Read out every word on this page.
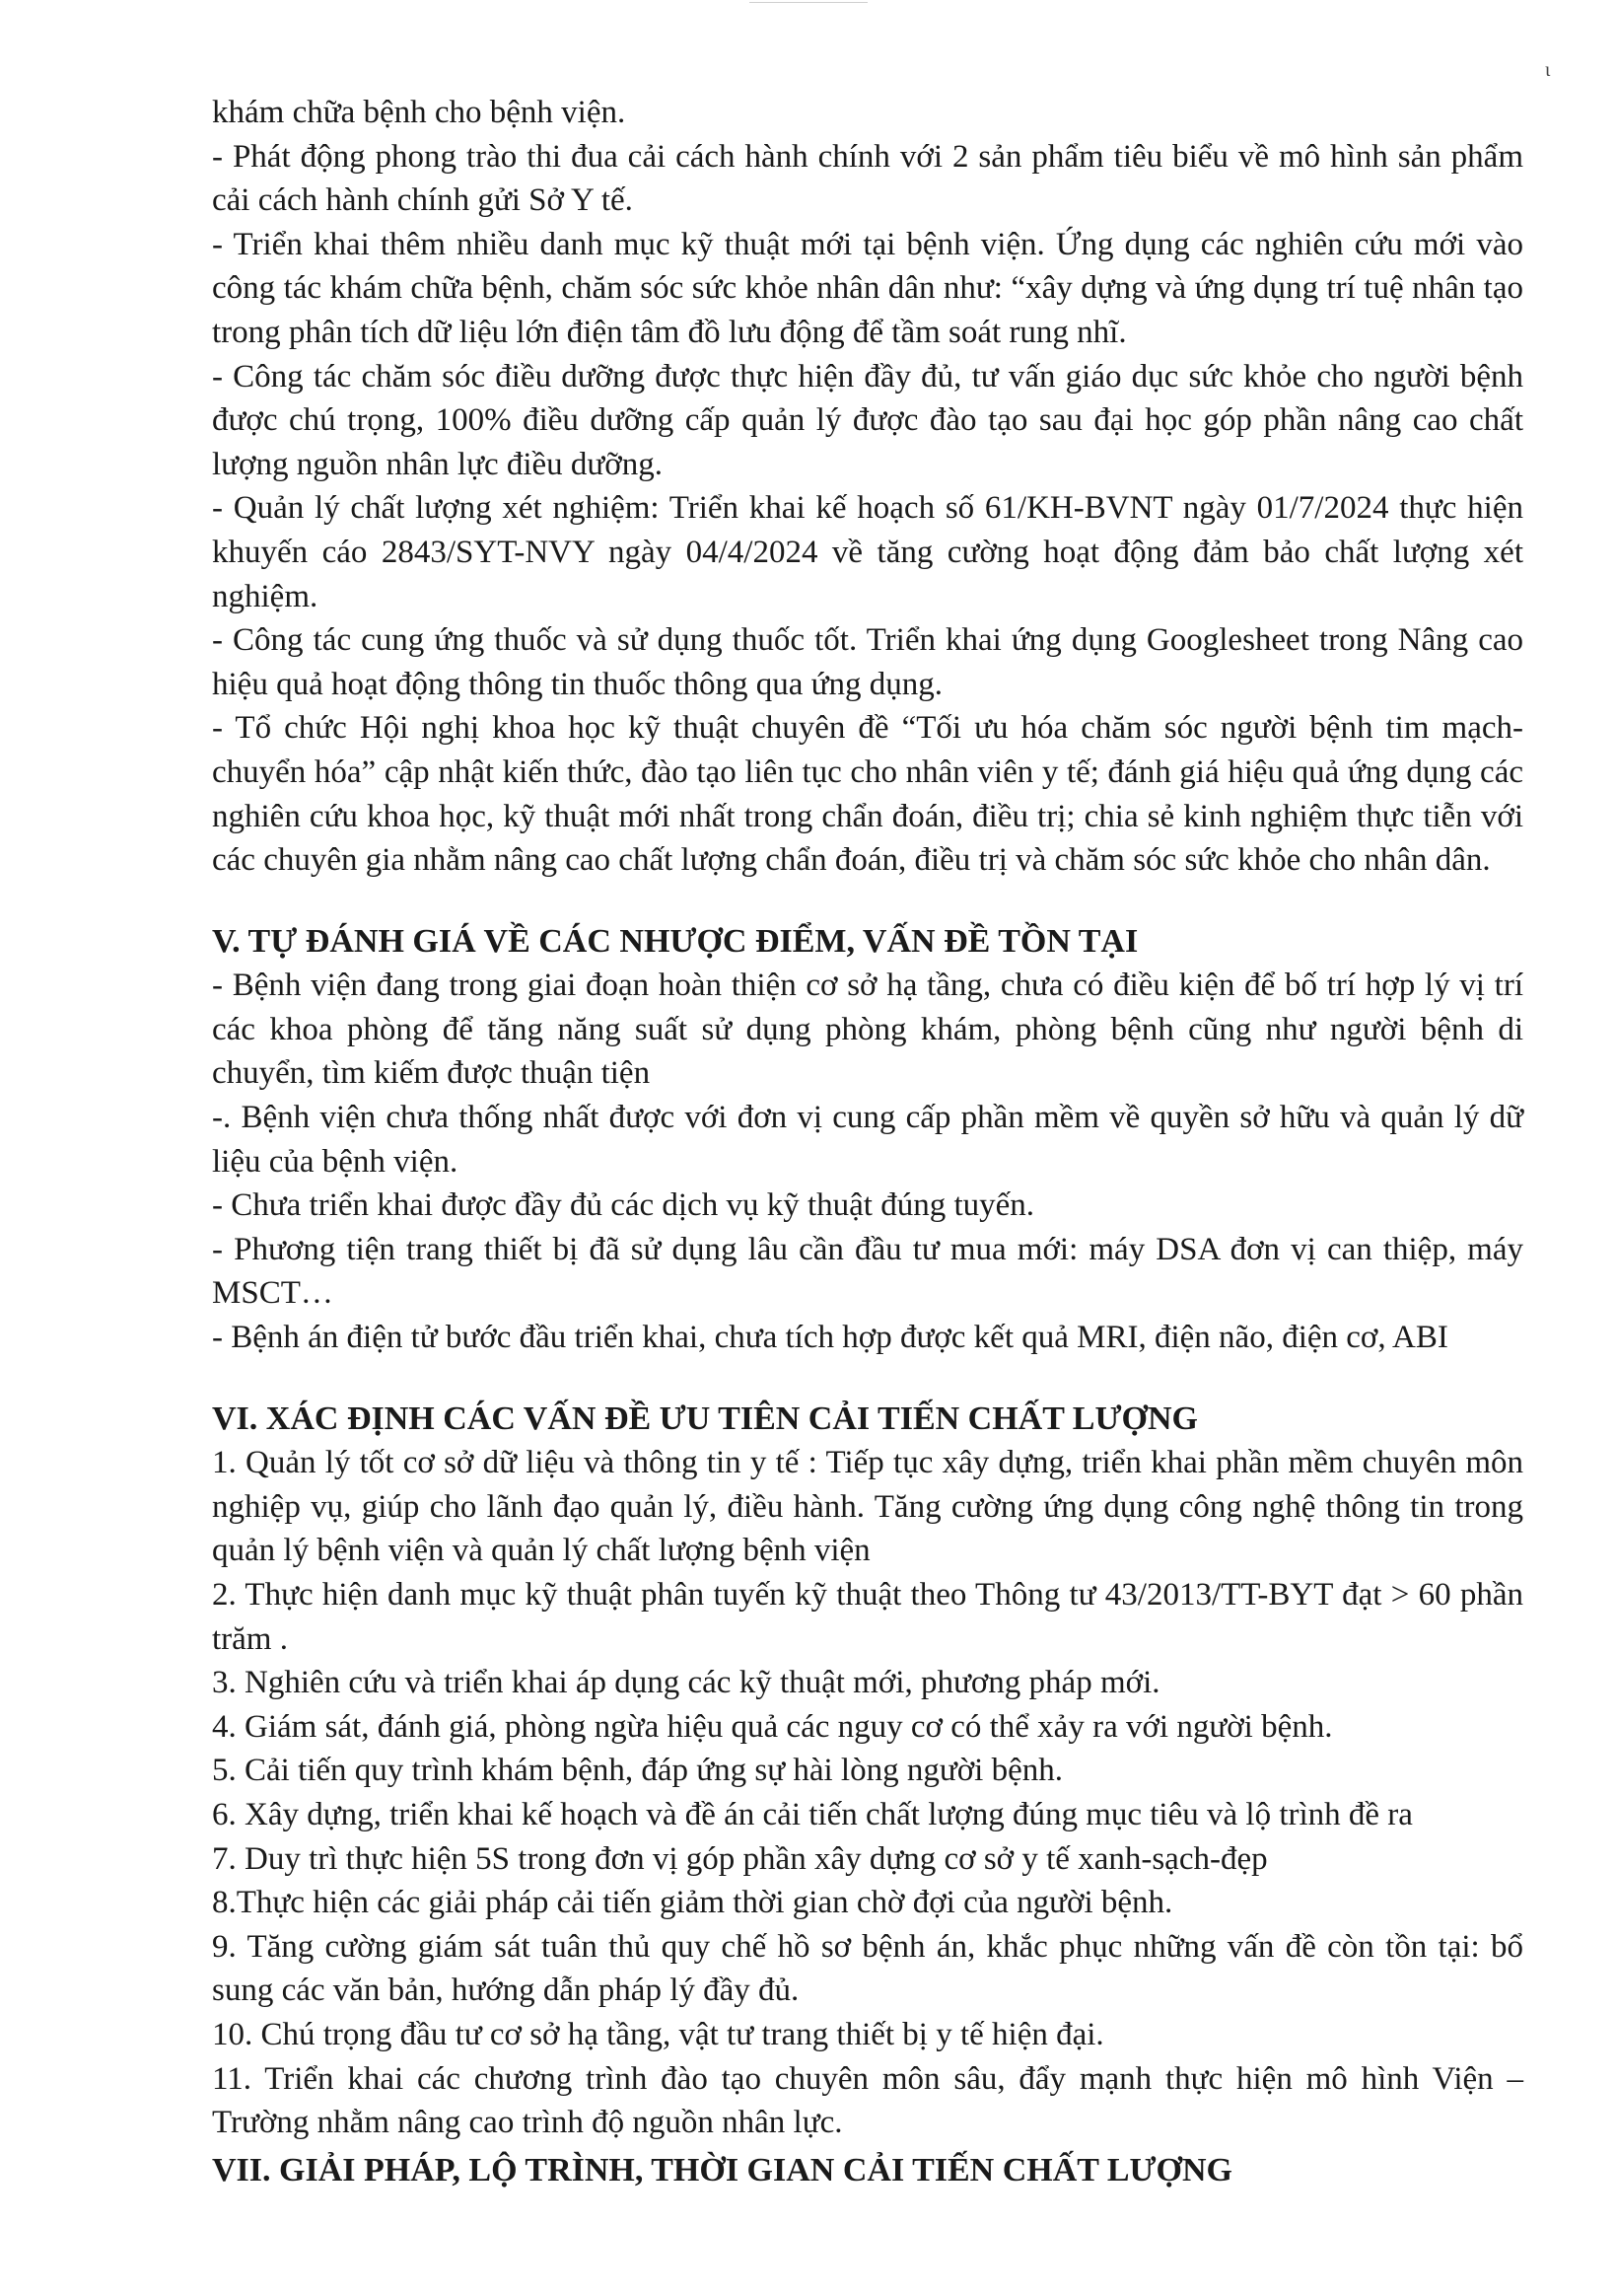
ɩ

khám chữa bệnh cho bệnh viện.

- Phát động phong trào thi đua cải cách hành chính với 2 sản phẩm tiêu biểu về mô hình sản phẩm cải cách hành chính gửi Sở Y tế.

- Triển khai thêm nhiều danh mục kỹ thuật mới tại bệnh viện. Ứng dụng các nghiên cứu mới vào công tác khám chữa bệnh, chăm sóc sức khỏe nhân dân như: “xây dựng và ứng dụng trí tuệ nhân tạo trong phân tích dữ liệu lớn điện tâm đồ lưu động để tầm soát rung nhĩ.

- Công tác chăm sóc điều dưỡng được thực hiện đầy đủ, tư vấn giáo dục sức khỏe cho người bệnh được chú trọng, 100% điều dưỡng cấp quản lý được đào tạo sau đại học góp phần nâng cao chất lượng nguồn nhân lực điều dưỡng.

- Quản lý chất lượng xét nghiệm: Triển khai kế hoạch số 61/KH-BVNT ngày 01/7/2024 thực hiện khuyến cáo 2843/SYT-NVY ngày 04/4/2024 về tăng cường hoạt động đảm bảo chất lượng xét nghiệm.

- Công tác cung ứng thuốc và sử dụng thuốc tốt. Triển khai ứng dụng Googlesheet trong Nâng cao hiệu quả hoạt động thông tin thuốc thông qua ứng dụng.

- Tổ chức Hội nghị khoa học kỹ thuật chuyên đề “Tối ưu hóa chăm sóc người bệnh tim mạch-chuyển hóa” cập nhật kiến thức, đào tạo liên tục cho nhân viên y tế; đánh giá hiệu quả ứng dụng các nghiên cứu khoa học, kỹ thuật mới nhất trong chẩn đoán, điều trị; chia sẻ kinh nghiệm thực tiễn với các chuyên gia nhằm nâng cao chất lượng chẩn đoán, điều trị và chăm sóc sức khỏe cho nhân dân.

V. TỰ ĐÁNH GIÁ VỀ CÁC NHƯỢC ĐIỂM, VẤN ĐỀ TỒN TẠI

- Bệnh viện đang trong giai đoạn hoàn thiện cơ sở hạ tầng, chưa có điều kiện để bố trí hợp lý vị trí các khoa phòng để tăng năng suất sử dụng phòng khám, phòng bệnh cũng như người bệnh di chuyển, tìm kiếm được thuận tiện

-. Bệnh viện chưa thống nhất được với đơn vị cung cấp phần mềm về quyền sở hữu và quản lý dữ liệu của bệnh viện.

- Chưa triển khai được đầy đủ các dịch vụ kỹ thuật đúng tuyến.

- Phương tiện trang thiết bị đã sử dụng lâu cần đầu tư mua mới: máy DSA đơn vị can thiệp, máy MSCT…

- Bệnh án điện tử bước đầu triển khai, chưa tích hợp được kết quả MRI, điện não, điện cơ, ABI

VI. XÁC ĐỊNH CÁC VẤN ĐỀ ƯU TIÊN CẢI TIẾN CHẤT LƯỢNG

1. Quản lý tốt cơ sở dữ liệu và thông tin y tế : Tiếp tục xây dựng, triển khai phần mềm chuyên môn nghiệp vụ, giúp cho lãnh đạo quản lý, điều hành. Tăng cường ứng dụng công nghệ thông tin trong quản lý bệnh viện và quản lý chất lượng bệnh viện

2. Thực hiện danh mục kỹ thuật phân tuyến kỹ thuật theo Thông tư 43/2013/TT-BYT đạt > 60 phần trăm .

3. Nghiên cứu và triển khai áp dụng các kỹ thuật mới, phương pháp mới.

4. Giám sát, đánh giá, phòng ngừa hiệu quả các nguy cơ có thể xảy ra với người bệnh.

5. Cải tiến quy trình khám bệnh, đáp ứng sự hài lòng người bệnh.

6. Xây dựng, triển khai kế hoạch và đề án cải tiến chất lượng đúng mục tiêu và lộ trình đề ra

7. Duy trì thực hiện 5S trong đơn vị góp phần xây dựng cơ sở y tế xanh-sạch-đẹp

8.Thực hiện các giải pháp cải tiến giảm thời gian chờ đợi của người bệnh.

9. Tăng cường giám sát tuân thủ quy chế hồ sơ bệnh án, khắc phục những vấn đề còn tồn tại: bổ sung các văn bản, hướng dẫn pháp lý đầy đủ.

10. Chú trọng đầu tư cơ sở hạ tầng, vật tư trang thiết bị y tế hiện đại.

11. Triển khai các chương trình đào tạo chuyên môn sâu, đẩy mạnh thực hiện mô hình Viện – Trường nhằm nâng cao trình độ nguồn nhân lực.

VII. GIẢI PHÁP, LỘ TRÌNH, THỜI GIAN CẢI TIẾN CHẤT LƯỢNG
